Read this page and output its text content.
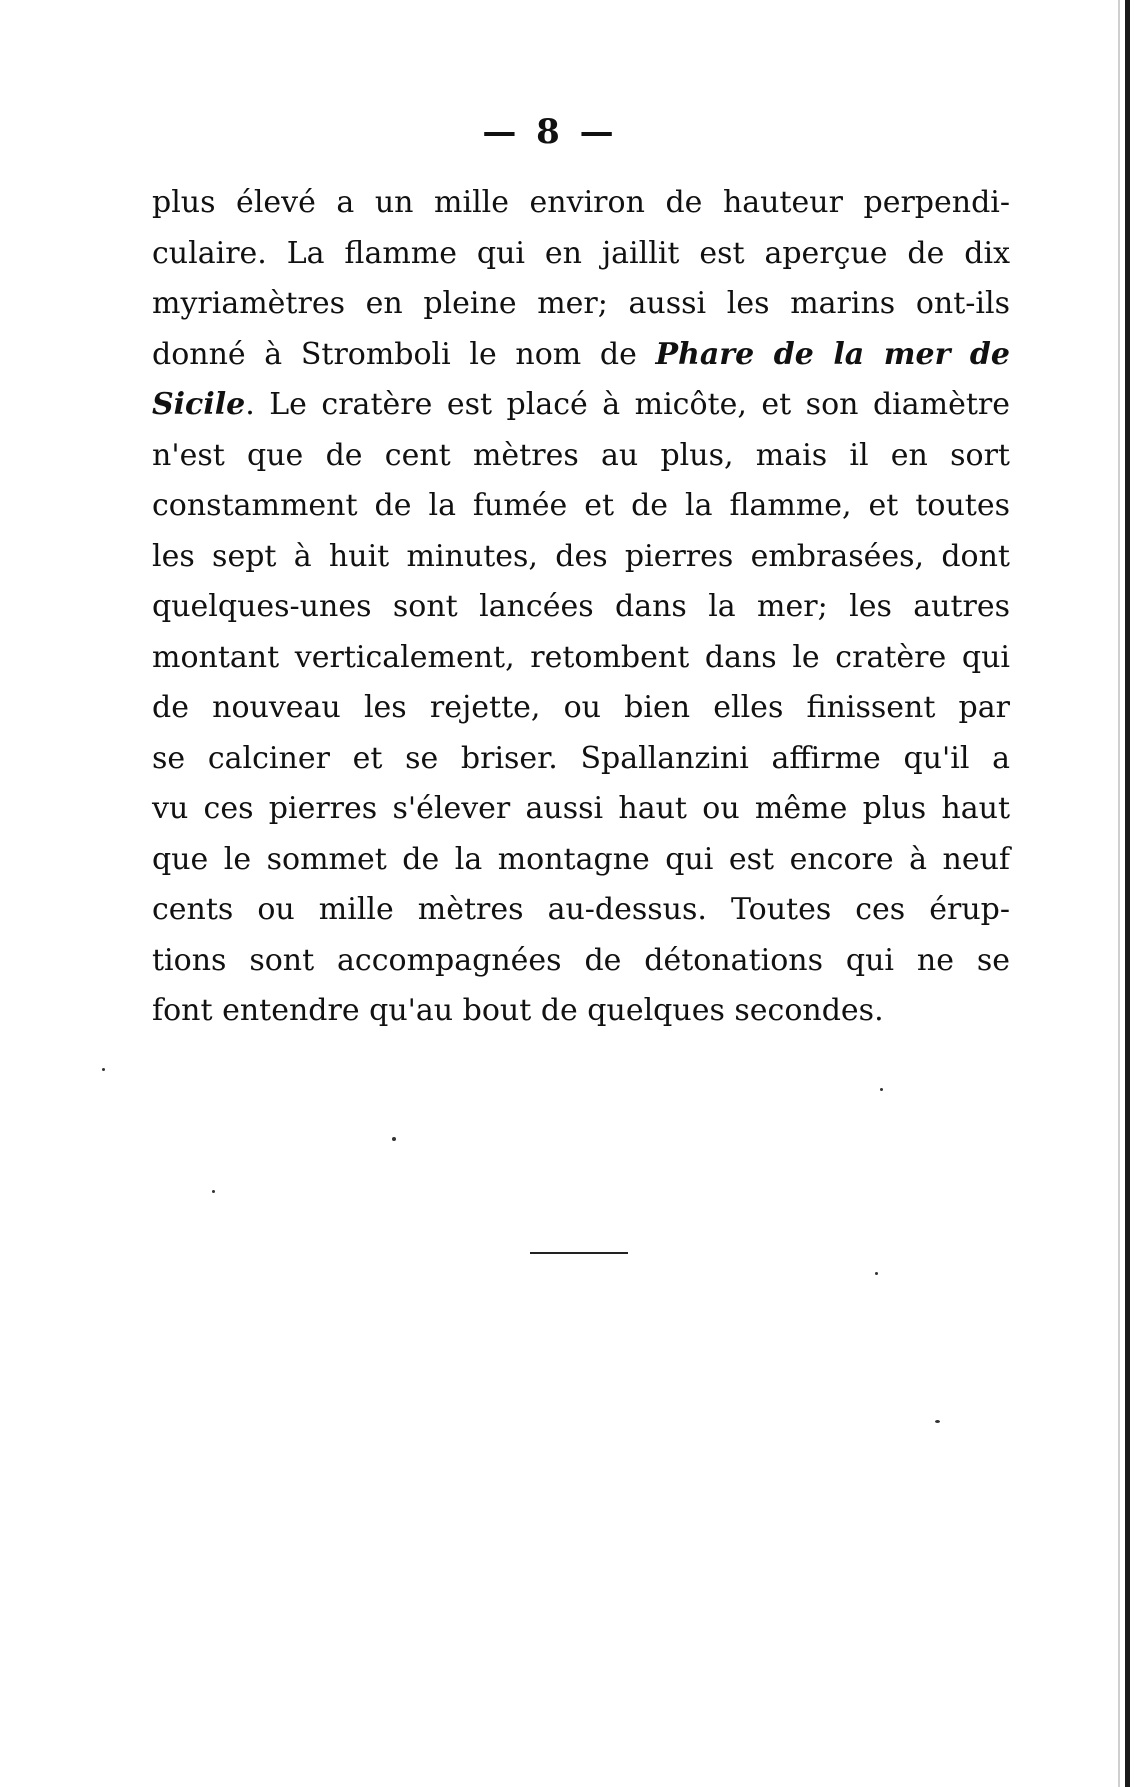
— 8 —
plus élevé a un mille environ de hauteur perpendi-
culaire. La flamme qui en jaillit est aperçue de dix
myriamètres en pleine mer; aussi les marins ont-ils
donné à Stromboli le nom de Phare de la mer de
Sicile. Le cratère est placé à micôte, et son diamètre
n'est que de cent mètres au plus, mais il en sort
constamment de la fumée et de la flamme, et toutes
les sept à huit minutes, des pierres embrasées, dont
quelques-unes sont lancées dans la mer; les autres
montant verticalement, retombent dans le cratère qui
de nouveau les rejette, ou bien elles finissent par
se calciner et se briser. Spallanzini affirme qu'il a
vu ces pierres s'élever aussi haut ou même plus haut
que le sommet de la montagne qui est encore à neuf
cents ou mille mètres au-dessus. Toutes ces érup-
tions sont accompagnées de détonations qui ne se
font entendre qu'au bout de quelques secondes.
